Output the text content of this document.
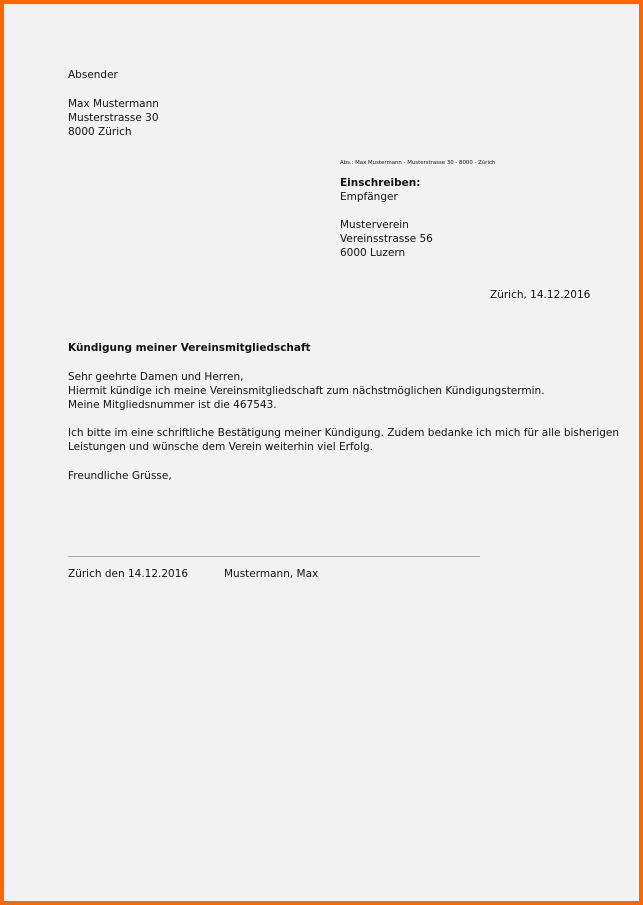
Absender
Max Mustermann
Musterstrasse 30
8000 Zürich
Abs.: Max Mustermann - Musterstrasse 30 - 8000 - Zürich
Einschreiben:
Empfänger
Musterverein
Vereinsstrasse 56
6000 Luzern
Zürich, 14.12.2016
Kündigung meiner Vereinsmitgliedschaft
Sehr geehrte Damen und Herren,
Hiermit kündige ich meine Vereinsmitgliedschaft zum nächstmöglichen Kündigungstermin.
Meine Mitgliedsnummer ist die 467543.
Ich bitte im eine schriftliche Bestätigung meiner Kündigung. Zudem bedanke ich mich für alle bisherigen
Leistungen und wünsche dem Verein weiterhin viel Erfolg.
Freundliche Grüsse,
Zürich den 14.12.2016	Mustermann, Max
